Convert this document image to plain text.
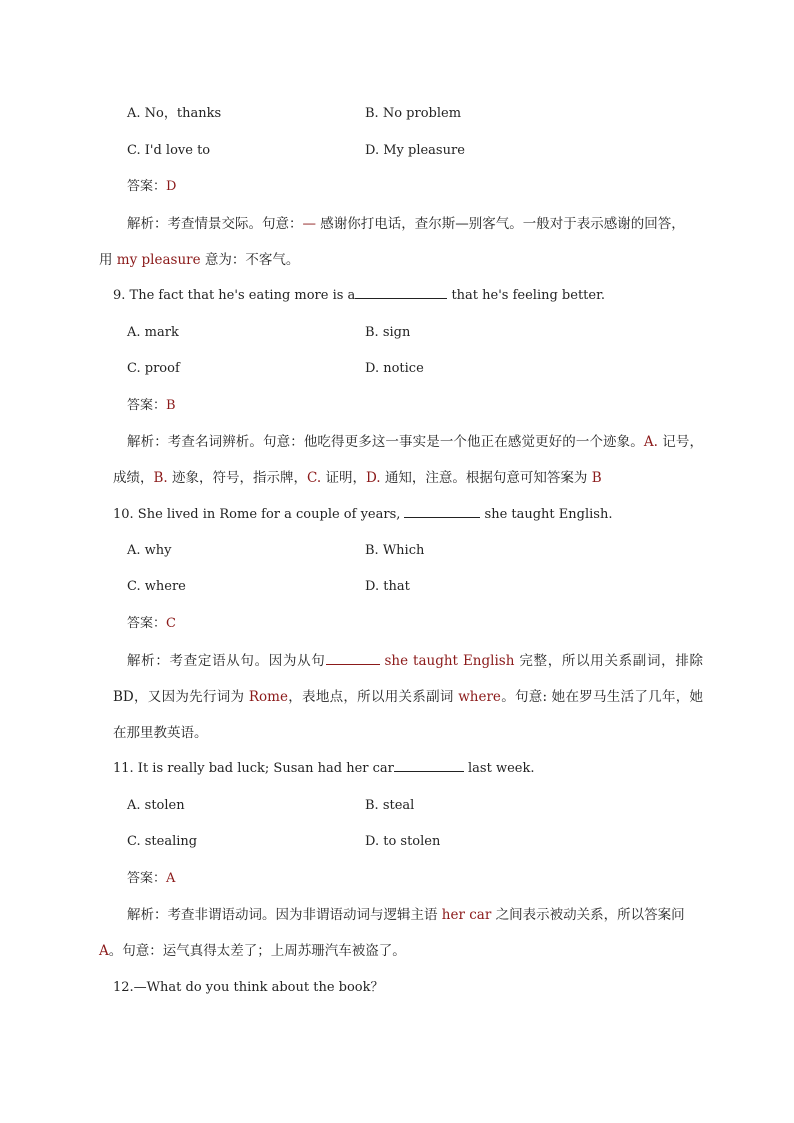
A. No，thanks	B. No problem
C. I'd love to	D. My pleasure
答案：D
解析：考查情景交际。句意：— 感谢你打电话，查尔斯—别客气。一般对于表示感谢的回答，
用 my pleasure 意为：不客气。
9. The fact that he's eating more is a	that he's feeling better.
A. mark	B. sign
C. proof	D. notice
答案：B
解析：考查名词辨析。句意：他吃得更多这一事实是一个他正在感觉更好的一个迹象。A. 记号，成绩，B. 迹象，符号，指示牌，C. 证明，D. 通知，注意。根据句意可知答案为 B
10. She lived in Rome for a couple of years,	she taught English.
A. why	B. Which
C. where	D. that
答案：C
解析：考查定语从句。因为从句	she taught English 完整，所以用关系副词，排除 BD，又因为先行词为 Rome，表地点，所以用关系副词 where。句意: 她在罗马生活了几年，她在那里教英语。
11. It is really bad luck; Susan had her car	last week.
A. stolen	B. steal
C. stealing	D. to stolen
答案：A
解析：考查非谓语动词。因为非谓语动词与逻辑主语 her car 之间表示被动关系，所以答案问
A。句意：运气真得太差了；上周苏珊汽车被盗了。
12.—What do you think about the book？
